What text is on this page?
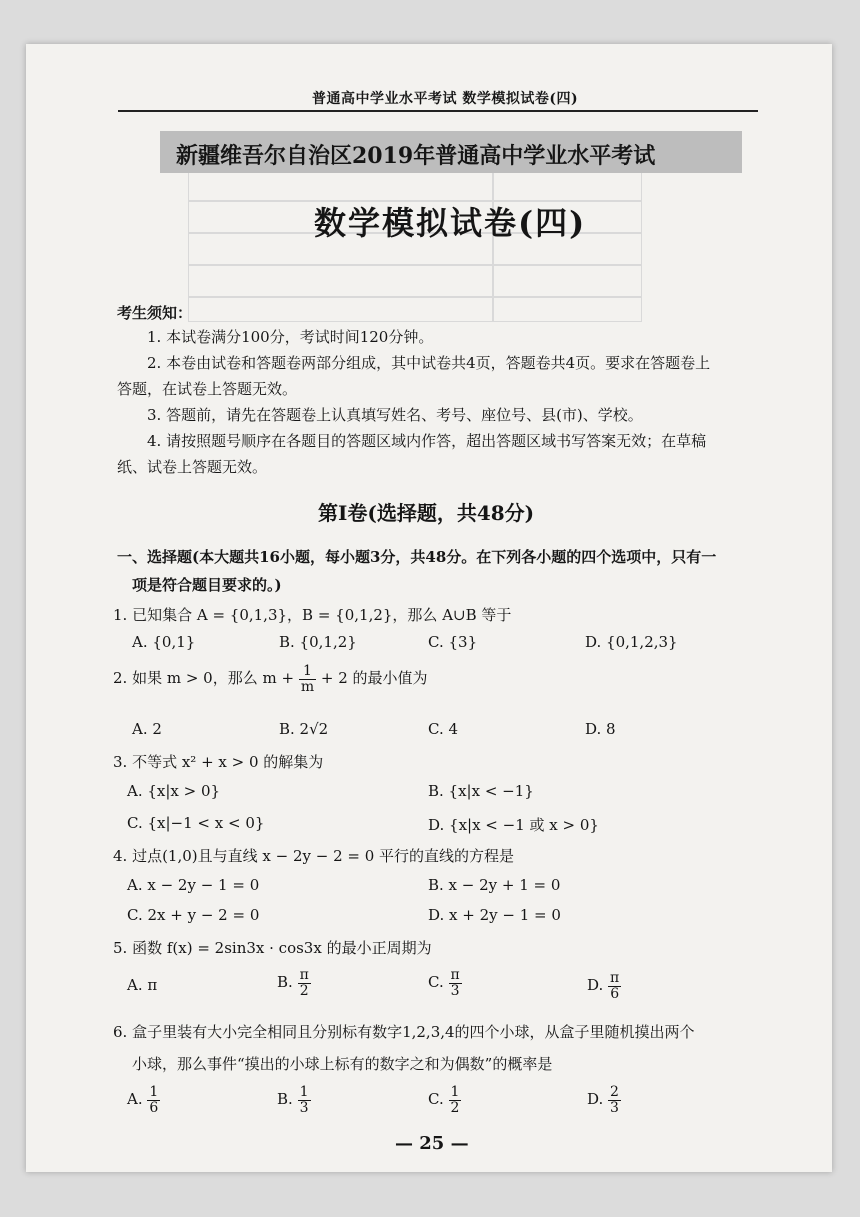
普通高中学业水平考试 数学模拟试卷(四)
新疆维吾尔自治区2019年普通高中学业水平考试
数学模拟试卷(四)
考生须知：
1. 本试卷满分100分，考试时间120分钟。
2. 本卷由试卷和答题卷两部分组成，其中试卷共4页，答题卷共4页。要求在答题卷上
答题，在试卷上答题无效。
3. 答题前，请先在答题卷上认真填写姓名、考号、座位号、县(市)、学校。
4. 请按照题号顺序在各题目的答题区域内作答，超出答题区域书写答案无效；在草稿
纸、试卷上答题无效。
第Ⅰ卷(选择题，共48分)
一、选择题(本大题共16小题，每小题3分，共48分。在下列各小题的四个选项中，只有一
项是符合题目要求的。)
1. 已知集合 A = {0,1,3}，B = {0,1,2}，那么 A∪B 等于
A. {0,1}	B. {0,1,2}	C. {3}	D. {0,1,2,3}
2. 如果 m > 0，那么 $m + \frac{1}{m} + 2$ 的最小值为
A. 2	B. 2√2	C. 4	D. 8
3. 不等式 x² + x > 0 的解集为
A. {x|x > 0}	B. {x|x < −1}
C. {x|−1 < x < 0}	D. {x|x < −1 或 x > 0}
4. 过点(1,0)且与直线 x − 2y − 2 = 0 平行的直线的方程是
A. x − 2y − 1 = 0	B. x − 2y + 1 = 0
C. 2x + y − 2 = 0	D. x + 2y − 1 = 0
5. 函数 f(x) = 2sin3x · cos3x 的最小正周期为
A. π	B. $\frac{\pi}{2}$	C. $\frac{\pi}{3}$	D. $\frac{\pi}{6}$
6. 盒子里装有大小完全相同且分别标有数字1,2,3,4的四个小球，从盒子里随机摸出两个
小球，那么事件“摸出的小球上标有的数字之和为偶数”的概率是
A. $\frac{1}{6}$	B. $\frac{1}{3}$	C. $\frac{1}{2}$	D. $\frac{2}{3}$
— 25 —
